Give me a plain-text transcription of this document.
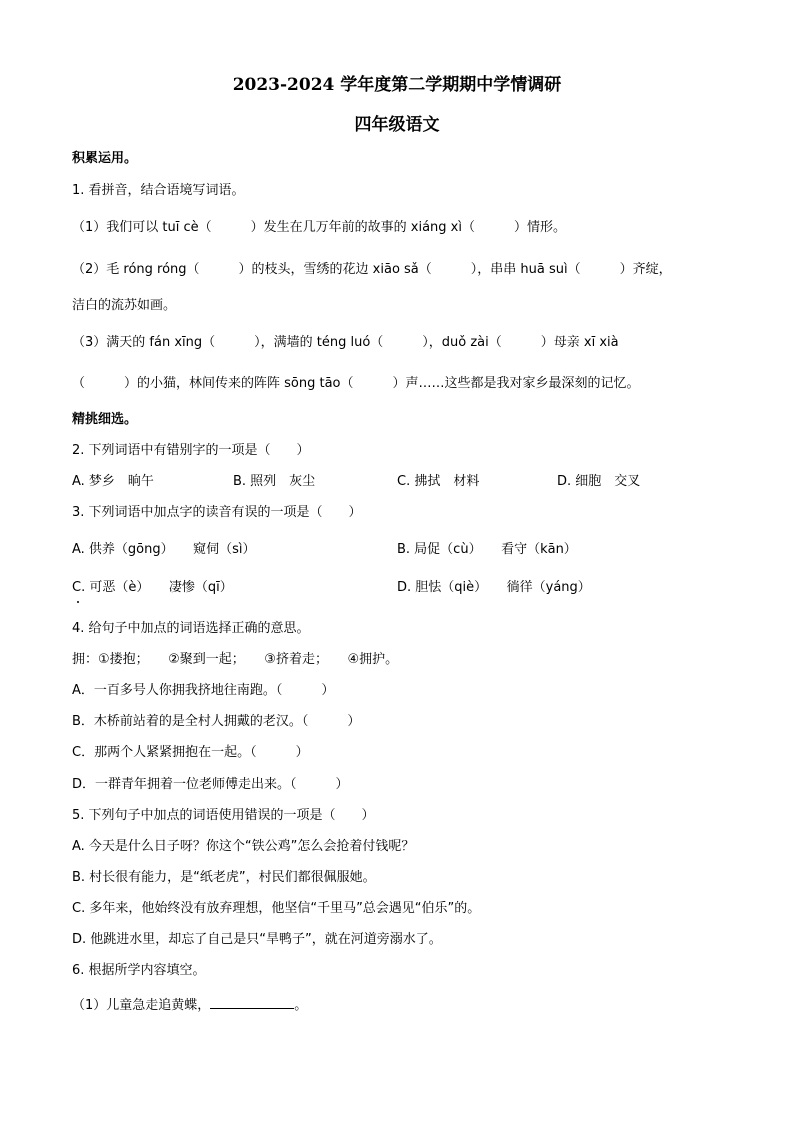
2023-2024 学年度第二学期期中学情调研
四年级语文
积累运用。
1. 看拼音，结合语境写词语。
（1）我们可以 tuī cè（　　　）发生在几万年前的故事的 xiáng xì（　　　）情形。
（2）毛 róng róng（　　　）的枝头，雪绣的花边 xiāo sǎ（　　　），串串 huā suì（　　　）齐绽，
洁白的流苏如画。
（3）满天的 fán xīng（　　　），满墙的 téng luó（　　　），duǒ zài（　　　）母亲 xī xià
（　　　）的小猫，林间传来的阵阵 sōng tāo（　　　）声……这些都是我对家乡最深刻的记忆。
精挑细选。
2. 下列词语中有错别字的一项是（　　）
A. 梦乡　晌午	B. 照列　灰尘	C. 拂拭　材料	D. 细胞　交叉
3. 下列词语中加点字的读音有误的一项是（　　）
A. 供养（gōng）　　窥伺（sì）	B. 局促（cù）　　看守（kān）
C. 可恶（è）　　凄惨（qī）	D. 胆怯（qiè）　　徜徉（yáng）
4. 给句子中加点的词语选择正确的意思。
拥：①搂抱；　　②聚到一起；　　③挤着走；　　④拥护。
A．一百多号人你拥我挤地往南跑。（　　　）
B．木桥前站着的是全村人拥戴的老汉。（　　　）
C．那两个人紧紧拥抱在一起。（　　　）
D．一群青年拥着一位老师傅走出来。（　　　）
5. 下列句子中加点的词语使用错误的一项是（　　）
A. 今天是什么日子呀？你这个“铁公鸡”怎么会抢着付钱呢？
B. 村长很有能力，是“纸老虎”，村民们都很佩服她。
C. 多年来，他始终没有放弃理想，他坚信“千里马”总会遇见“伯乐”的。
D. 他跳进水里，却忘了自己是只“旱鸭子”，就在河道旁溺水了。
6. 根据所学内容填空。
（1）儿童急走追黄蝶，	。
